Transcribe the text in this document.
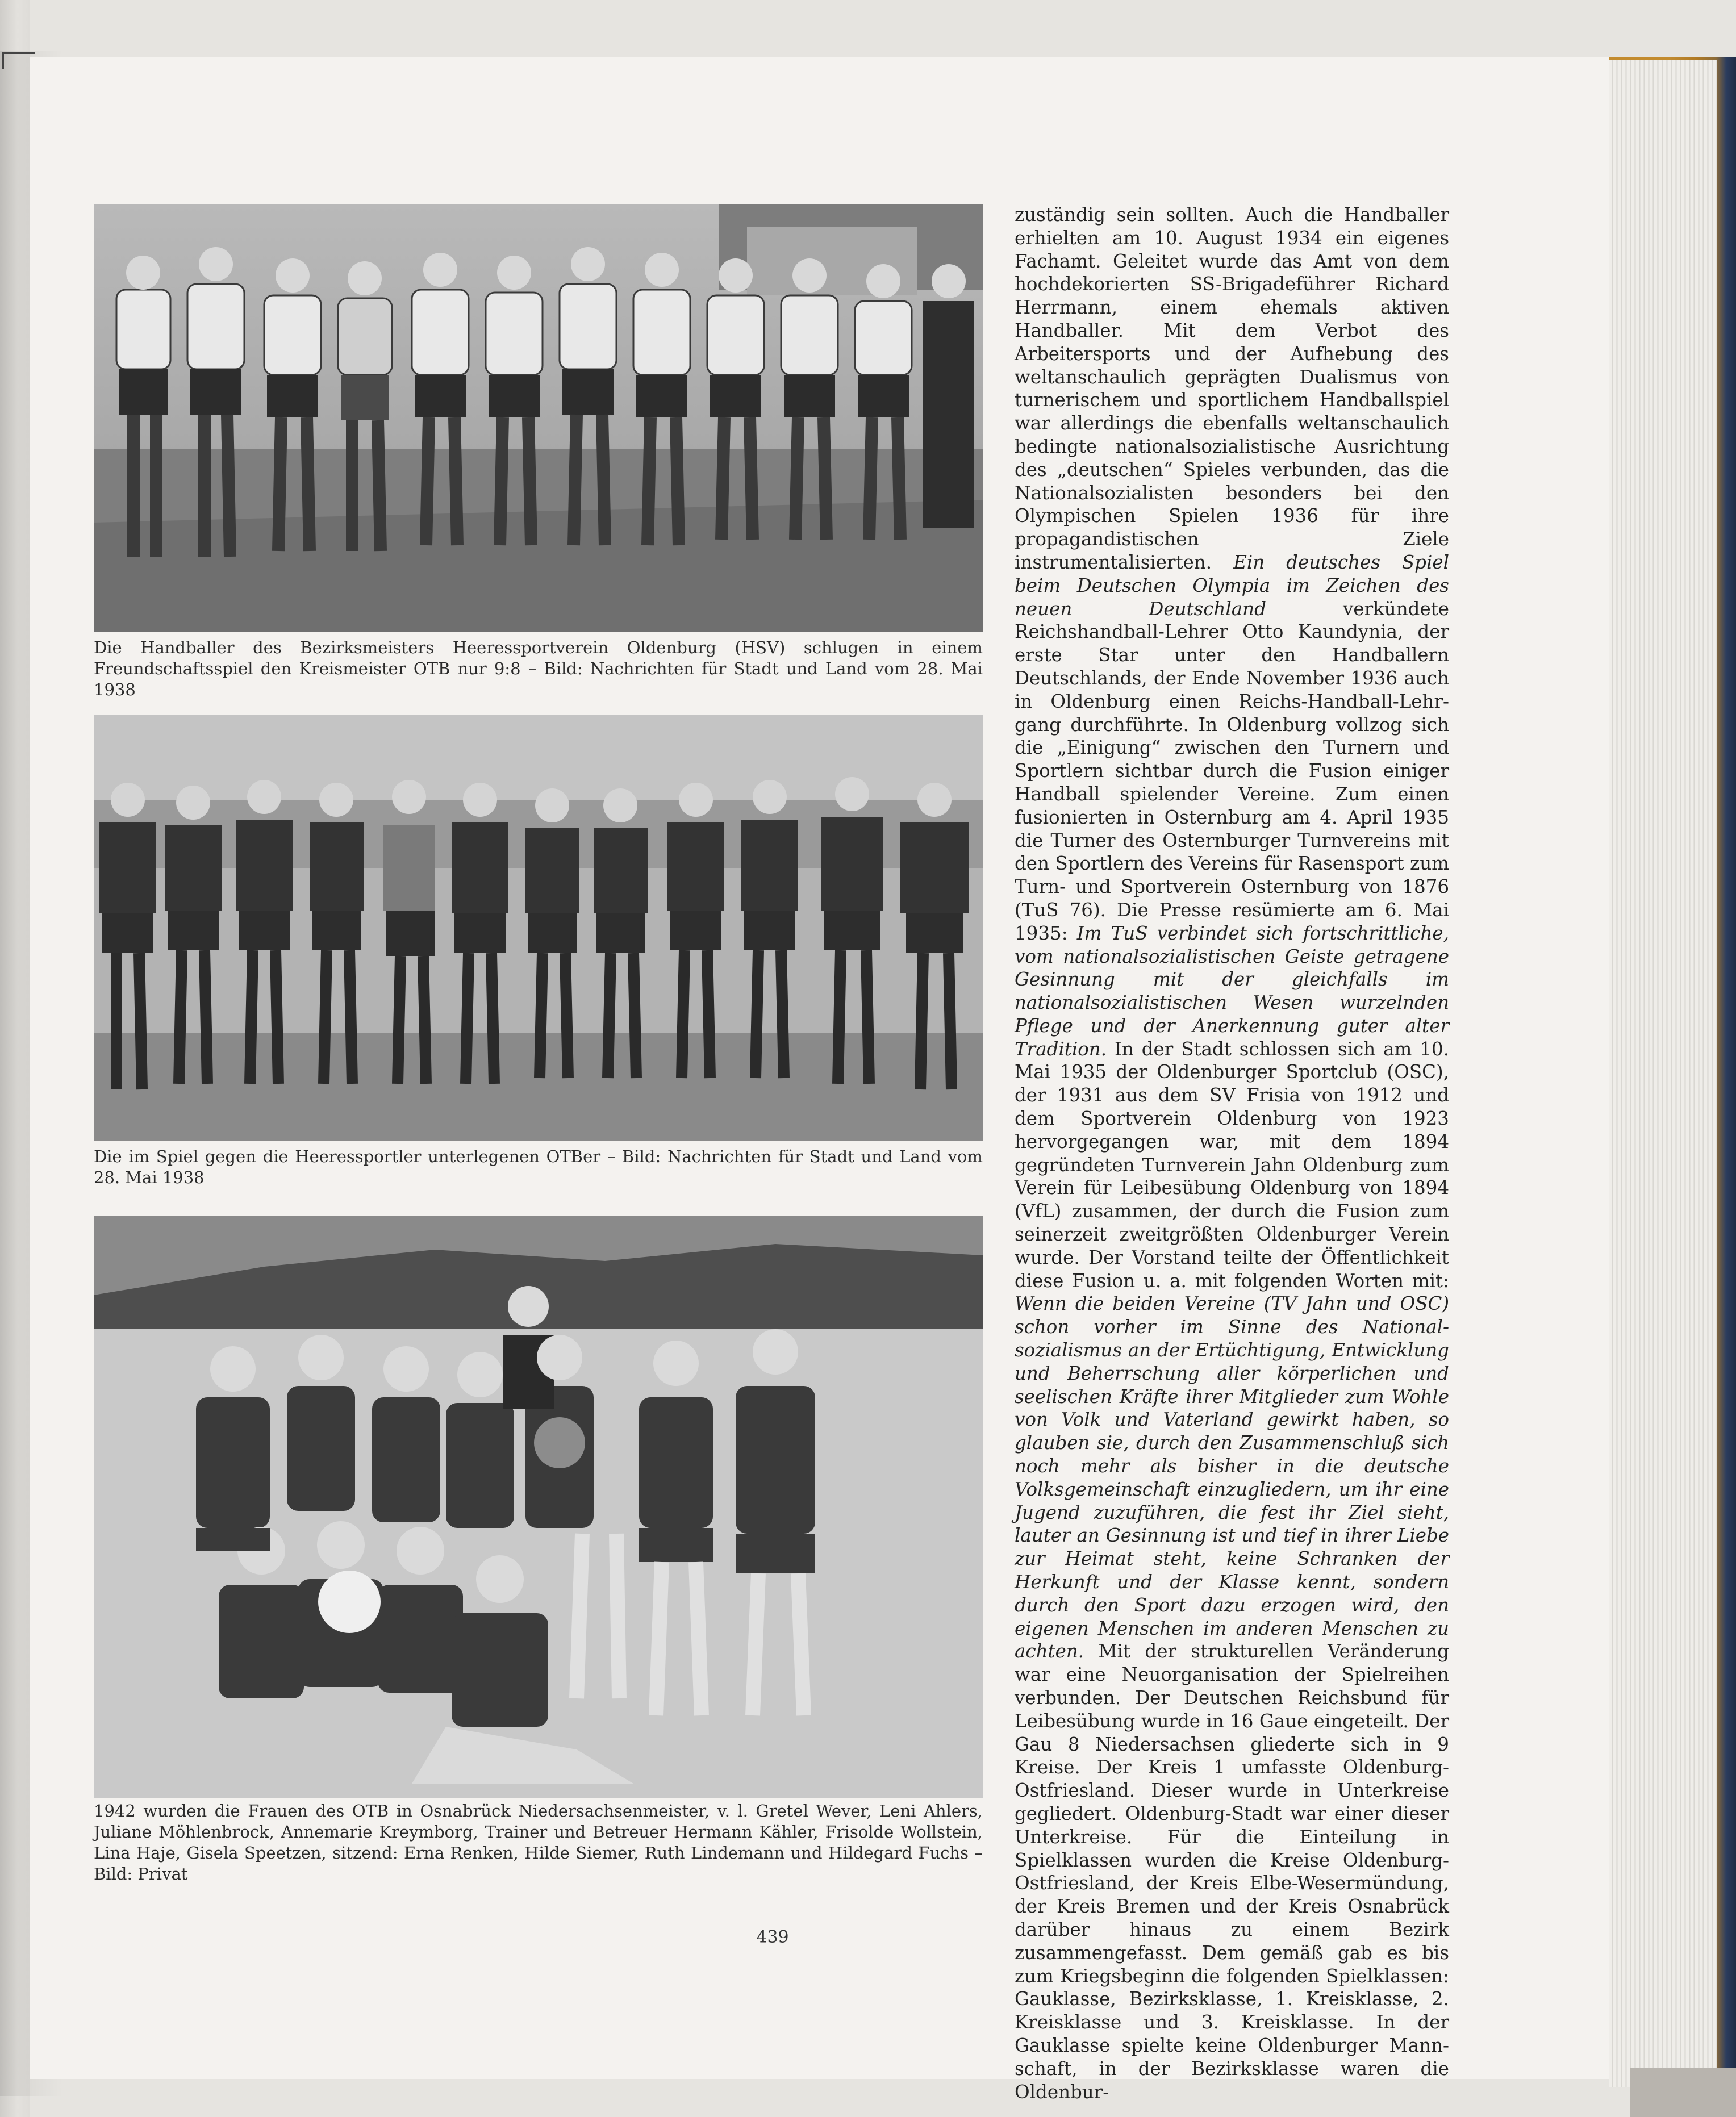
Die Handballer des Bezirksmeisters Heeressportverein Oldenburg (HSV) schlugen in einem Freundschaftsspiel den Kreismeister OTB nur 9:8 – Bild: Nachrichten für Stadt und Land vom 28. Mai 1938

Die im Spiel gegen die Heeressportler unterlegenen OTBer – Bild: Nachrichten für Stadt und Land vom 28. Mai 1938

1942 wurden die Frauen des OTB in Osnabrück Niedersachsenmeister, v. l. Gretel Wever, Leni Ahlers, Juliane Möhlenbrock, Annemarie Kreymborg, Trainer und Betreuer Hermann Kähler, Frisolde Wollstein, Lina Haje, Gisela Speetzen, sitzend: Erna Renken, Hilde Siemer, Ruth Lindemann und Hildegard Fuchs – Bild: Privat

zuständig sein sollten. Auch die Handballer erhielten am 10. August 1934 ein eigenes Fachamt. Geleitet wurde das Amt von dem hochdekorierten SS-Brigadeführer Richard Herrmann, einem ehemals aktiven Handballer. Mit dem Verbot des Arbeitersports und der Aufhebung des weltanschaulich geprägten Dualismus von turnerischem und sportlichem Handballspiel war allerdings die ebenfalls weltanschaulich bedingte nationalsozialistische Ausrichtung des „deutschen“ Spieles verbunden, das die Nationalsozialisten besonders bei den Olympischen Spielen 1936 für ihre propagandistischen Ziele instrumentalisierten. Ein deutsches Spiel beim Deutschen Olympia im Zeichen des neuen Deutschland verkündete Reichshandball-Lehrer Otto Kaundynia, der erste Star unter den Handballern Deutschlands, der Ende November 1936 auch in Oldenburg einen Reichs-Handball-Lehrgang durchführte. In Oldenburg vollzog sich die „Einigung“ zwischen den Turnern und Sportlern sichtbar durch die Fusion einiger Handball spielender Vereine. Zum einen fusionierten in Osternburg am 4. April 1935 die Turner des Osternburger Turnvereins mit den Sportlern des Vereins für Rasensport zum Turn- und Sportverein Osternburg von 1876 (TuS 76). Die Presse resümierte am 6. Mai 1935: Im TuS verbindet sich fortschrittliche, vom nationalsozialistischen Geiste getragene Gesinnung mit der gleichfalls im nationalsozialistischen Wesen wurzelnden Pflege und der Anerkennung guter alter Tradition. In der Stadt schlossen sich am 10. Mai 1935 der Oldenburger Sportclub (OSC), der 1931 aus dem SV Frisia von 1912 und dem Sportverein Oldenburg von 1923 hervorgegangen war, mit dem 1894 gegründeten Turnverein Jahn Oldenburg zum Verein für Leibesübung Oldenburg von 1894 (VfL) zusammen, der durch die Fusion zum seinerzeit zweitgrößten Oldenburger Verein wurde. Der Vorstand teilte der Öffentlichkeit diese Fusion u. a. mit folgenden Worten mit: Wenn die beiden Vereine (TV Jahn und OSC) schon vorher im Sinne des Nationalsozialismus an der Ertüchtigung, Entwicklung und Beherrschung aller körperlichen und seelischen Kräfte ihrer Mitglieder zum Wohle von Volk und Vaterland gewirkt haben, so glauben sie, durch den Zusammenschluß sich noch mehr als bisher in die deutsche Volksgemeinschaft einzugliedern, um ihr eine Jugend zuzuführen, die fest ihr Ziel sieht, lauter an Gesinnung ist und tief in ihrer Liebe zur Heimat steht, keine Schranken der Herkunft und der Klasse kennt, sondern durch den Sport dazu erzogen wird, den eigenen Menschen im anderen Menschen zu achten. Mit der strukturellen Veränderung war eine Neuorganisation der Spielreihen verbunden. Der Deutschen Reichsbund für Leibesübung wurde in 16 Gaue eingeteilt. Der Gau 8 Niedersachsen gliederte sich in 9 Kreise. Der Kreis 1 umfasste Oldenburg-Ostfriesland. Dieser wurde in Unterkreise gegliedert. Oldenburg-Stadt war einer dieser Unterkreise. Für die Einteilung in Spielklassen wurden die Kreise Oldenburg-Ostfriesland, der Kreis Elbe-Wesermündung, der Kreis Bremen und der Kreis Osnabrück darüber hinaus zu einem Bezirk zusammengefasst. Dem gemäß gab es bis zum Kriegsbeginn die folgenden Spielklassen: Gauklasse, Bezirksklasse, 1. Kreisklasse, 2. Kreisklasse und 3. Kreisklasse. In der Gauklasse spielte keine Oldenburger Mannschaft, in der Bezirksklasse waren die Oldenbur-

439
